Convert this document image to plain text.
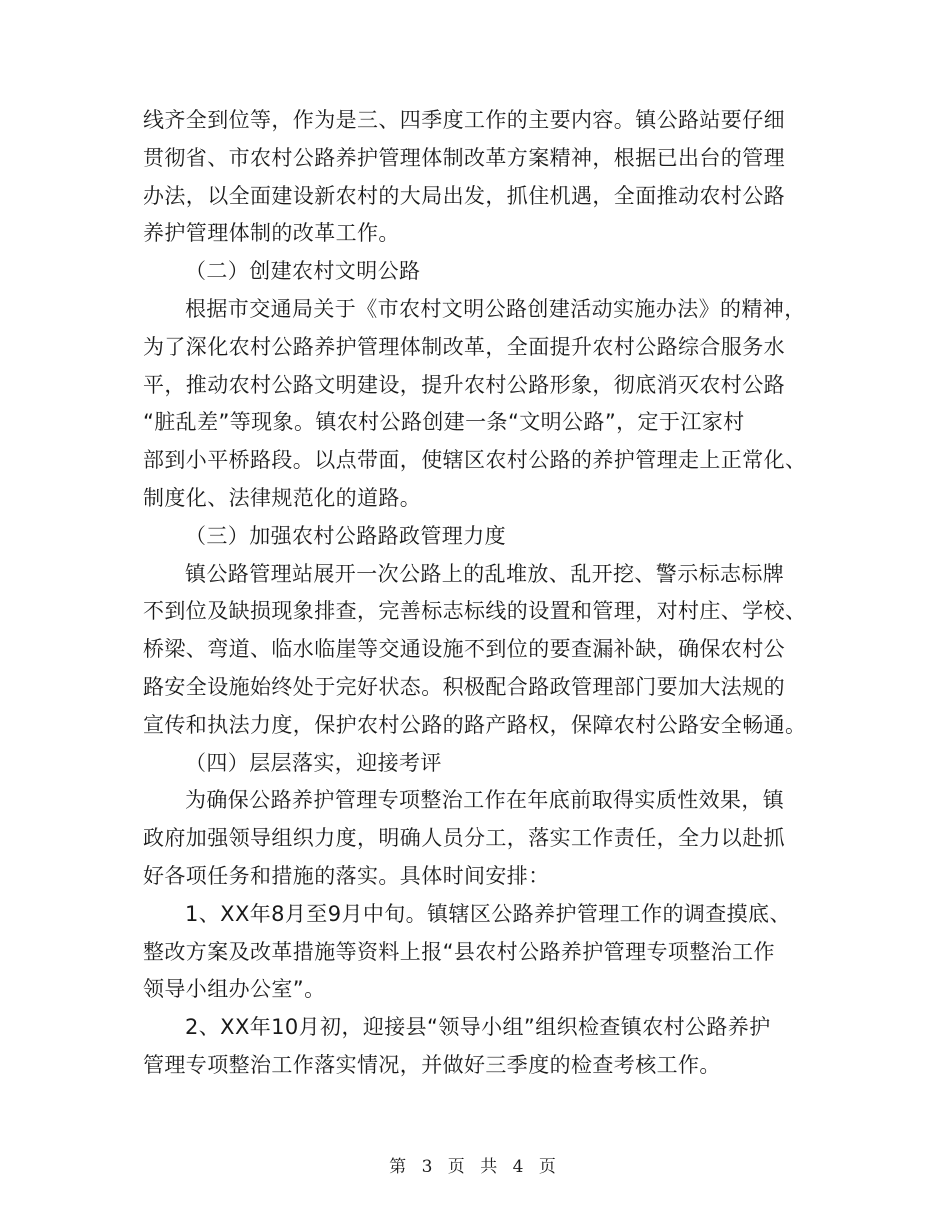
线齐全到位等，作为是三、四季度工作的主要内容。镇公路站要仔细
贯彻省、市农村公路养护管理体制改革方案精神，根据已出台的管理
办法，以全面建设新农村的大局出发，抓住机遇，全面推动农村公路
养护管理体制的改革工作。
（二）创建农村文明公路
根据市交通局关于《市农村文明公路创建活动实施办法》的精神，
为了深化农村公路养护管理体制改革，全面提升农村公路综合服务水
平，推动农村公路文明建设，提升农村公路形象，彻底消灭农村公路
“脏乱差”等现象。镇农村公路创建一条“文明公路”，定于江家村
部到小平桥路段。以点带面，使辖区农村公路的养护管理走上正常化、
制度化、法律规范化的道路。
（三）加强农村公路路政管理力度
镇公路管理站展开一次公路上的乱堆放、乱开挖、警示标志标牌
不到位及缺损现象排查，完善标志标线的设置和管理，对村庄、学校、
桥梁、弯道、临水临崖等交通设施不到位的要查漏补缺，确保农村公
路安全设施始终处于完好状态。积极配合路政管理部门要加大法规的
宣传和执法力度，保护农村公路的路产路权，保障农村公路安全畅通。
（四）层层落实，迎接考评
为确保公路养护管理专项整治工作在年底前取得实质性效果，镇
政府加强领导组织力度，明确人员分工，落实工作责任，全力以赴抓
好各项任务和措施的落实。具体时间安排：
1、XX年8月至9月中旬。镇辖区公路养护管理工作的调查摸底、
整改方案及改革措施等资料上报“县农村公路养护管理专项整治工作
领导小组办公室”。
2、XX年10月初，迎接县“领导小组”组织检查镇农村公路养护
管理专项整治工作落实情况，并做好三季度的检查考核工作。
第 3 页 共 4 页
